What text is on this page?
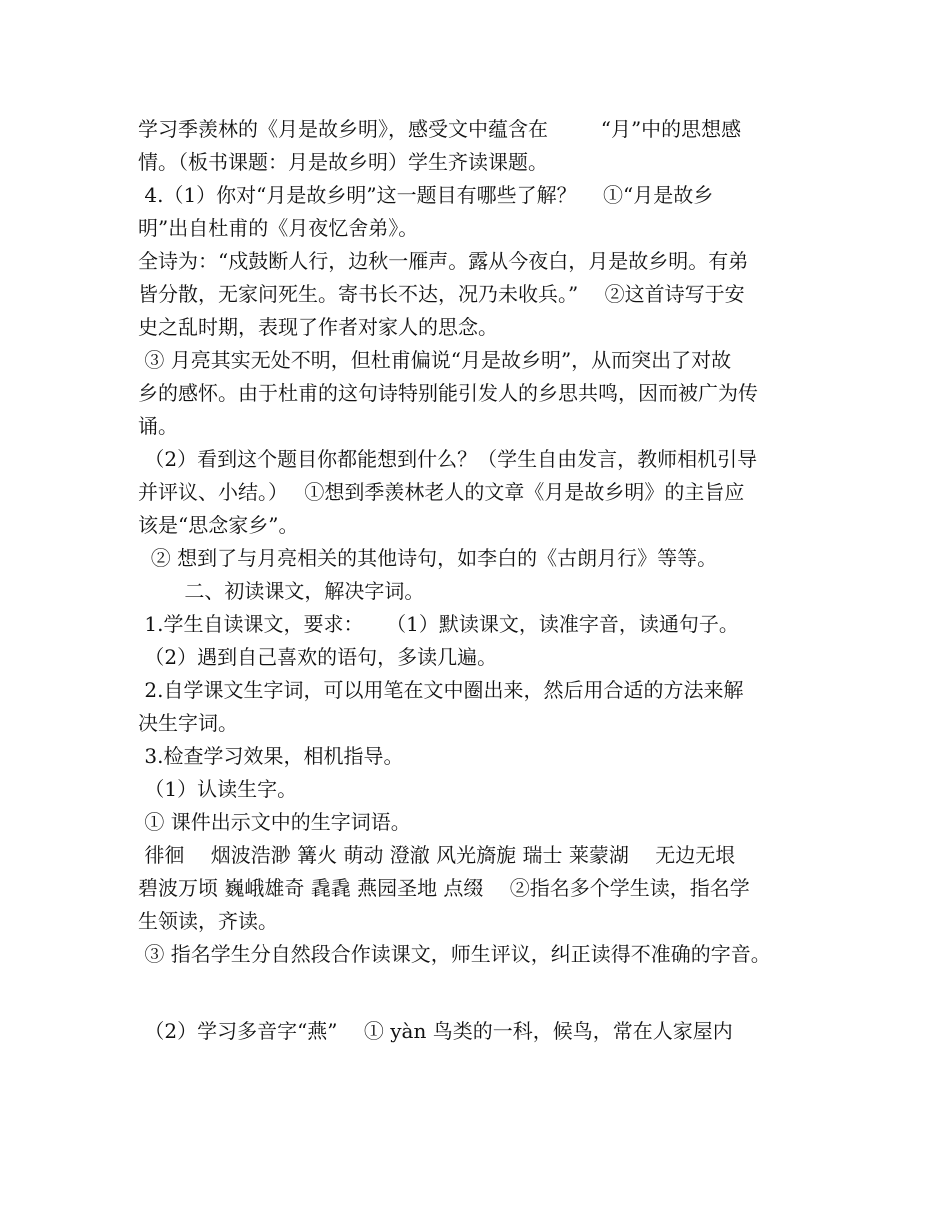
学习季羡林的《月是故乡明》，感受文中蕴含在 　　 “月”中的思想感
情。（板书课题：月是故乡明）学生齐读课题。
4.（1）你对“月是故乡明”这一题目有哪些了解？　 ①“月是故乡
明”出自杜甫的《月夜忆舍弟》。
全诗为：“戍鼓断人行，边秋一雁声。露从今夜白，月是故乡明。有弟
皆分散，无家问死生。寄书长不达，况乃未收兵。”　 ②这首诗写于安
史之乱时期，表现了作者对家人的思念。
③ 月亮其实无处不明，但杜甫偏说“月是故乡明”，从而突出了对故
乡的感怀。由于杜甫的这句诗特别能引发人的乡思共鸣，因而被广为传
诵。
（2）看到这个题目你都能想到什么？（学生自由发言，教师相机引导
并评议、小结。）　 ①想到季羡林老人的文章《月是故乡明》的主旨应
该是“思念家乡”。
② 想到了与月亮相关的其他诗句，如李白的《古朗月行》等等。
　　 二、初读课文，解决字词。
1.学生自读课文，要求：　  （1）默读课文，读准字音，读通句子。
（2）遇到自己喜欢的语句，多读几遍。
2.自学课文生字词，可以用笔在文中圈出来，然后用合适的方法来解
决生字词。
3.检查学习效果，相机指导。
（1）认读生字。
① 课件出示文中的生字词语。
徘徊　 烟波浩渺 篝火 萌动 澄澈 风光旖旎 瑞士 莱蒙湖　 无边无垠
碧波万顷 巍峨雄奇 毳毳 燕园圣地 点缀　 ②指名多个学生读，指名学
生领读，齐读。
③ 指名学生分自然段合作读课文，师生评议，纠正读得不准确的字音。
（2）学习多音字“燕”　 ① yàn 鸟类的一科，候鸟，常在人家屋内
